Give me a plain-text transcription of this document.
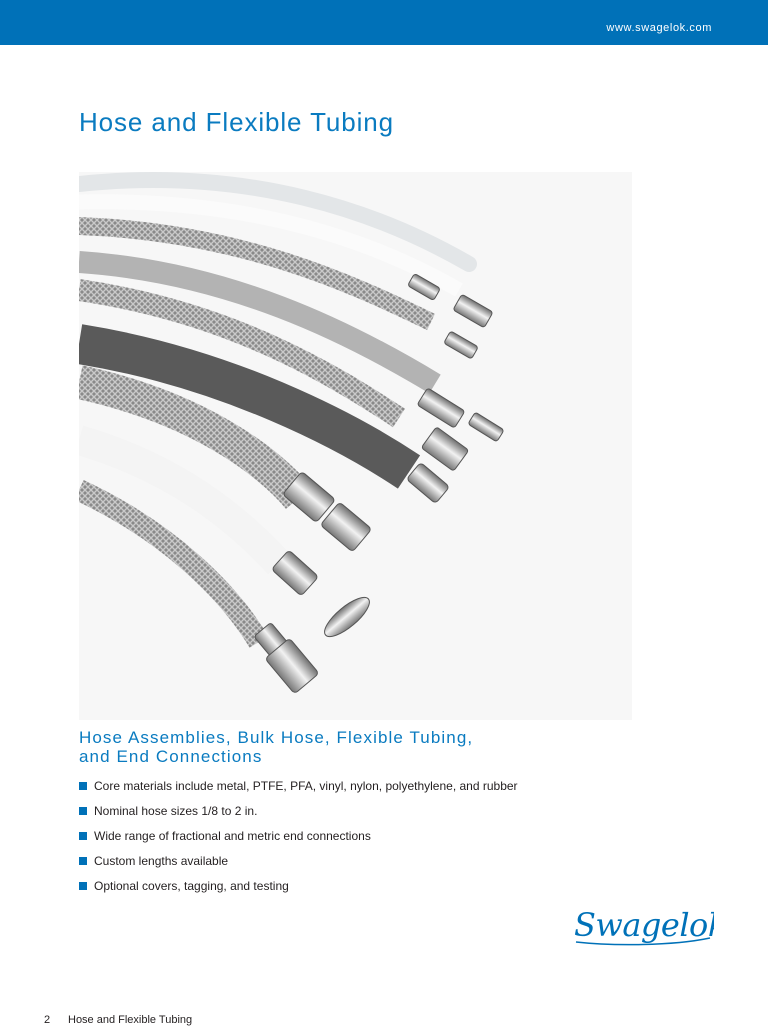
www.swagelok.com
Hose and Flexible Tubing
Hose Assemblies, Bulk Hose, Flexible Tubing,
and End Connections
Core materials include metal, PTFE, PFA, vinyl, nylon, polyethylene, and rubber
Nominal hose sizes 1/8 to 2 in.
Wide range of fractional and metric end connections
Custom lengths available
Optional covers, tagging, and testing
Swagelok
2 Hose and Flexible Tubing
